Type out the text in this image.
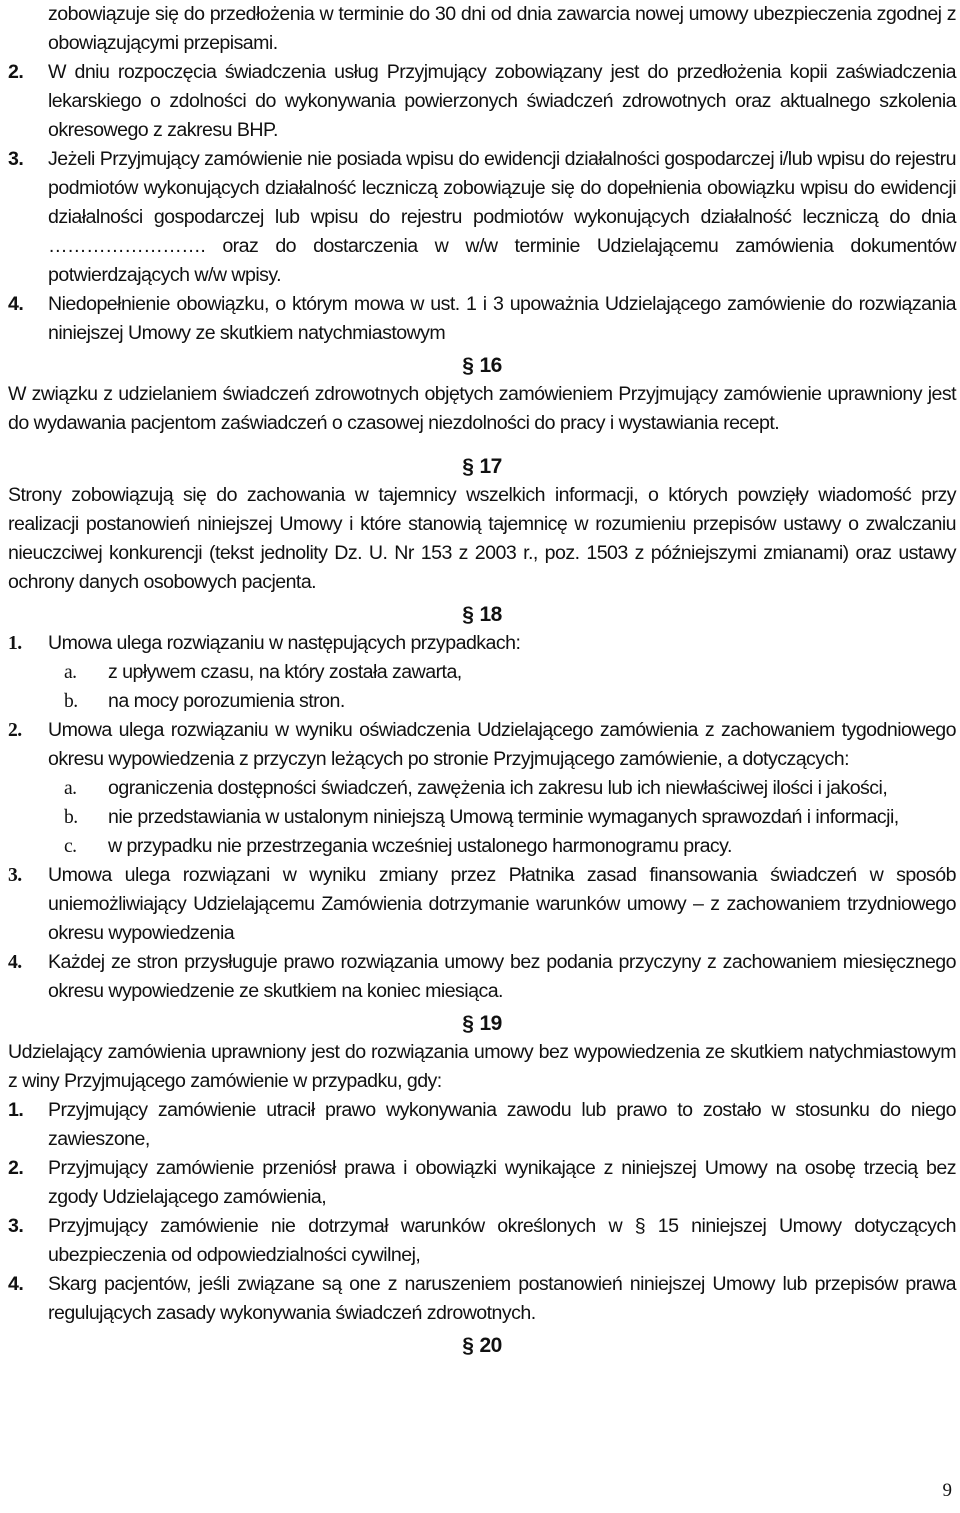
zobowiązuje się do przedłożenia w terminie do 30 dni od dnia zawarcia nowej umowy ubezpieczenia zgodnej z obowiązującymi przepisami.
2. W dniu rozpoczęcia świadczenia usług Przyjmujący zobowiązany jest do przedłożenia kopii zaświadczenia lekarskiego o zdolności do wykonywania powierzonych świadczeń zdrowotnych oraz aktualnego szkolenia okresowego z zakresu BHP.
3. Jeżeli Przyjmujący zamówienie nie posiada wpisu do ewidencji działalności gospodarczej i/lub wpisu do rejestru podmiotów wykonujących działalność leczniczą zobowiązuje się do dopełnienia obowiązku wpisu do ewidencji działalności gospodarczej lub wpisu do rejestru podmiotów wykonujących działalność leczniczą do dnia ……………………. oraz do dostarczenia w w/w terminie Udzielającemu zamówienia dokumentów potwierdzających w/w wpisy.
4. Niedopełnienie obowiązku, o którym mowa w ust. 1 i 3 upoważnia Udzielającego zamówienie do rozwiązania niniejszej Umowy ze skutkiem natychmiastowym
§ 16
W związku z udzielaniem świadczeń zdrowotnych objętych zamówieniem Przyjmujący zamówienie uprawniony jest do wydawania pacjentom zaświadczeń o czasowej niezdolności do pracy i wystawiania recept.
§ 17
Strony zobowiązują się do zachowania w tajemnicy wszelkich informacji, o których powzięły wiadomość przy realizacji postanowień niniejszej Umowy i które stanowią tajemnicę w rozumieniu przepisów ustawy o zwalczaniu nieuczciwej konkurencji (tekst jednolity Dz. U. Nr 153 z 2003 r., poz. 1503 z późniejszymi zmianami) oraz ustawy ochrony danych osobowych pacjenta.
§ 18
1. Umowa ulega rozwiązaniu w następujących przypadkach:
a. z upływem czasu, na który została zawarta,
b. na mocy porozumienia stron.
2. Umowa ulega rozwiązaniu w wyniku oświadczenia Udzielającego zamówienia z zachowaniem tygodniowego okresu wypowiedzenia z przyczyn leżących po stronie Przyjmującego zamówienie, a dotyczących:
a. ograniczenia dostępności świadczeń, zawężenia ich zakresu lub ich niewłaściwej ilości i jakości,
b. nie przedstawiania w ustalonym niniejszą Umową terminie wymaganych sprawozdań i informacji,
c. w przypadku nie przestrzegania wcześniej ustalonego harmonogramu pracy.
3. Umowa ulega rozwiązani w wyniku zmiany przez Płatnika zasad finansowania świadczeń w sposób uniemożliwiający Udzielającemu Zamówienia dotrzymanie warunków umowy – z zachowaniem trzydniowego okresu wypowiedzenia
4. Każdej ze stron przysługuje prawo rozwiązania umowy bez podania przyczyny z zachowaniem miesięcznego okresu wypowiedzenie ze skutkiem na koniec miesiąca.
§ 19
Udzielający zamówienia uprawniony jest do rozwiązania umowy bez wypowiedzenia ze skutkiem natychmiastowym z winy Przyjmującego zamówienie w przypadku, gdy:
1. Przyjmujący zamówienie utracił prawo wykonywania zawodu lub prawo to zostało w stosunku do niego zawieszone,
2. Przyjmujący zamówienie przeniósł prawa i obowiązki wynikające z niniejszej Umowy na osobę trzecią bez zgody Udzielającego zamówienia,
3. Przyjmujący zamówienie nie dotrzymał warunków określonych w § 15 niniejszej Umowy dotyczących ubezpieczenia od odpowiedzialności cywilnej,
4. Skarg pacjentów, jeśli związane są one z naruszeniem postanowień niniejszej Umowy lub przepisów prawa regulujących zasady wykonywania świadczeń zdrowotnych.
§ 20
9
